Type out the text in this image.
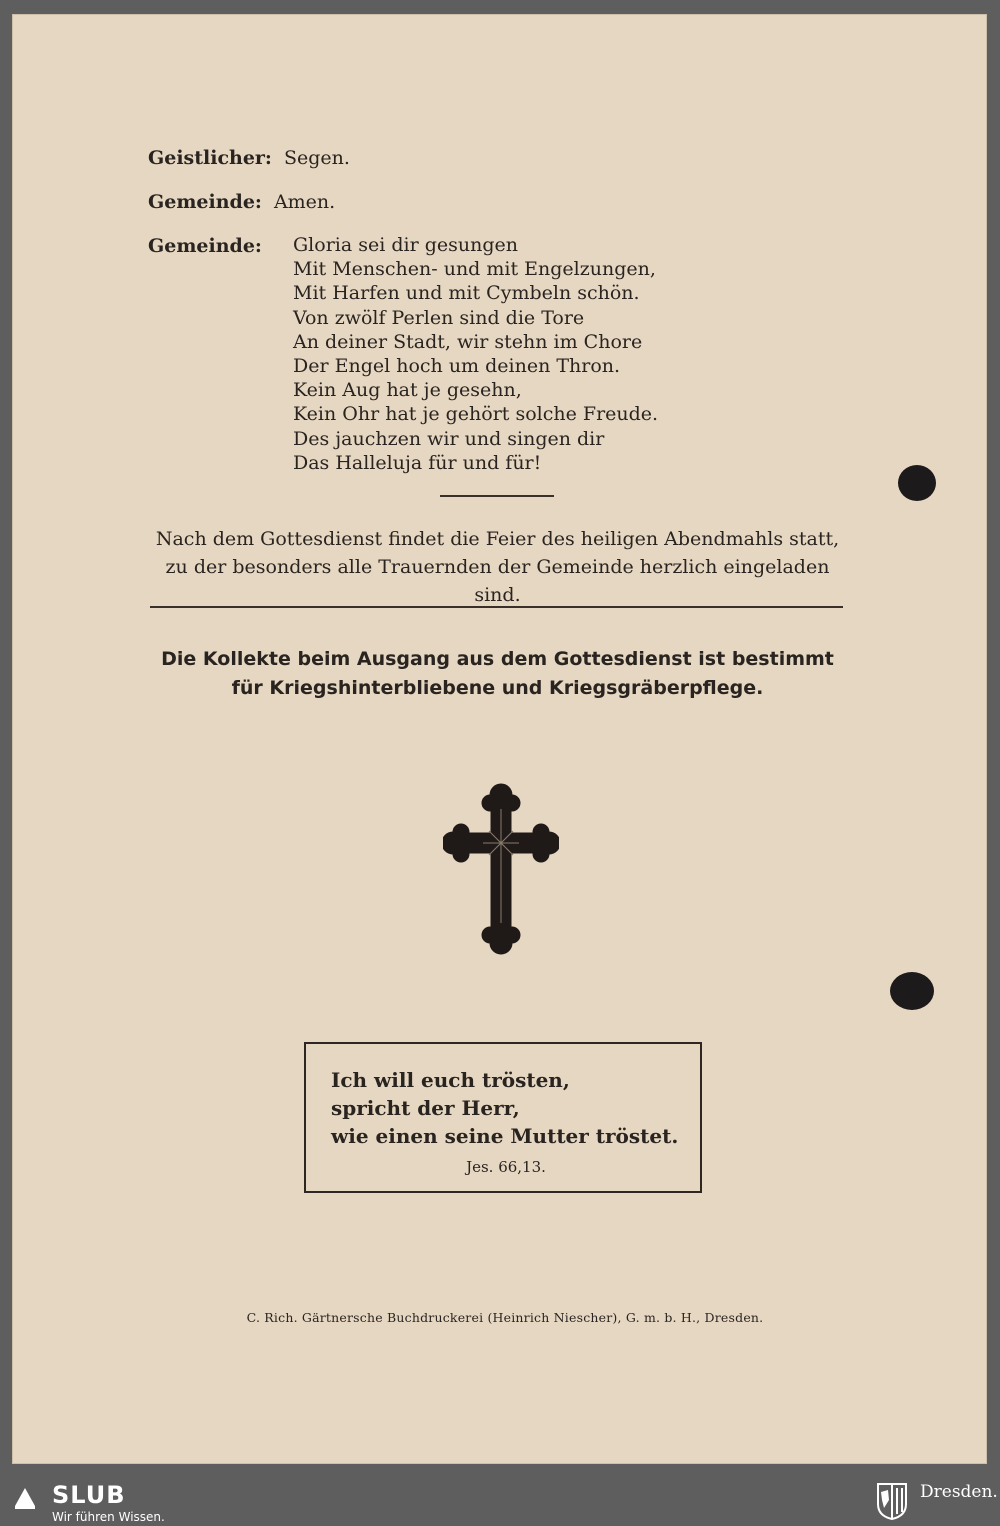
Geistlicher: Segen.
Gemeinde: Amen.
Gemeinde:	Gloria sei dir gesungen
Mit Menschen- und mit Engelzungen,
Mit Harfen und mit Cymbeln schön.
Von zwölf Perlen sind die Tore
An deiner Stadt, wir stehn im Chore
Der Engel hoch um deinen Thron.
Kein Aug hat je gesehn,
Kein Ohr hat je gehört solche Freude.
Des jauchzen wir und singen dir
Das Halleluja für und für!
Nach dem Gottesdienst findet die Feier des heiligen Abendmahls statt,
zu der besonders alle Trauernden der Gemeinde herzlich eingeladen sind.
Die Kollekte beim Ausgang aus dem Gottesdienst ist bestimmt
für Kriegshinterbliebene und Kriegsgräberpflege.
Ich will euch trösten,
spricht der Herr,
wie einen seine Mutter tröstet.
Jes. 66,13.
C. Rich. Gärtnersche Buchdruckerei (Heinrich Niescher), G. m. b. H., Dresden.
SLUB
Wir führen Wissen.
Dresden.
